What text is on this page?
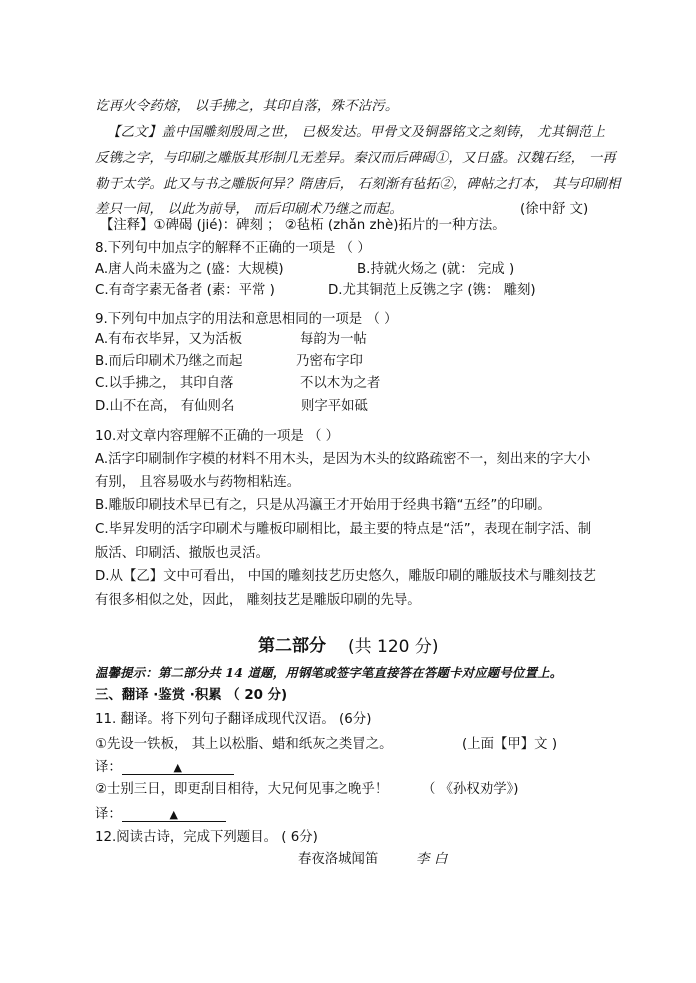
讫再火令药熔， 以手拂之，其印自落，殊不沾污。
【乙文】盖中国雕刻殷周之世， 已极发达。甲骨文及铜器铭文之刻铸， 尤其铜范上
反镌之字，与印刷之雕版其形制几无差异。秦汉而后碑碣①，又日盛。汉魏石经， 一再
勒于太学。此又与书之雕版何异？隋唐后， 石刻渐有毡拓②，碑帖之打本， 其与印刷相
差只一间， 以此为前导， 而后印刷术乃继之而起。	(徐中舒 文)
【注释】①碑碣 (jié)：碑刻 ； ②毡柘 (zhǎn zhè)拓片的一种方法。
8.下列句中加点字的解释不正确的一项是 （ ）
A.唐人尚未盛为之 (盛：大规模)	B.持就火炀之 (就： 完成 )
C.有奇字素无备者 (素：平常 )	D.尤其铜范上反镌之字 (镌： 雕刻)
9.下列句中加点字的用法和意思相同的一项是 （ ）
A.有布衣毕昇，又为活板	每韵为一帖
B.而后印刷术乃继之而起	乃密布字印
C.以手拂之， 其印自落	不以木为之者
D.山不在高， 有仙则名	则字平如砥
10.对文章内容理解不正确的一项是 （ ）
A.活字印刷制作字模的材料不用木头，是因为木头的纹路疏密不一，刻出来的字大小
有别， 且容易吸水与药物相粘连。
B.雕版印刷技术早已有之，只是从冯瀛王才开始用于经典书籍“五经”的印刷。
C.毕昇发明的活字印刷术与雕板印刷相比，最主要的特点是“活”，表现在制字活、制
版活、印刷活、撤版也灵活。
D.从【乙】文中可看出， 中国的雕刻技艺历史悠久，雕版印刷的雕版技术与雕刻技艺
有很多相似之处，因此， 雕刻技艺是雕版印刷的先导。
第二部分 (共 120 分)
温馨提示：第二部分共 14 道题，用钢笔或签字笔直接答在答题卡对应题号位置上。
三、翻译 ·鉴赏 ·积累 （ 20 分)
11. 翻译。将下列句子翻译成现代汉语。 (6分)
①先设一铁板， 其上以松脂、蜡和纸灰之类冒之。	(上面【甲】文 )
译：	▲
②士别三日，即更刮目相待，大兄何见事之晚乎！	（ 《孙权劝学》)
译：	▲
12.阅读古诗，完成下列题目。 ( 6分)
春夜洛城闻笛	李 白
